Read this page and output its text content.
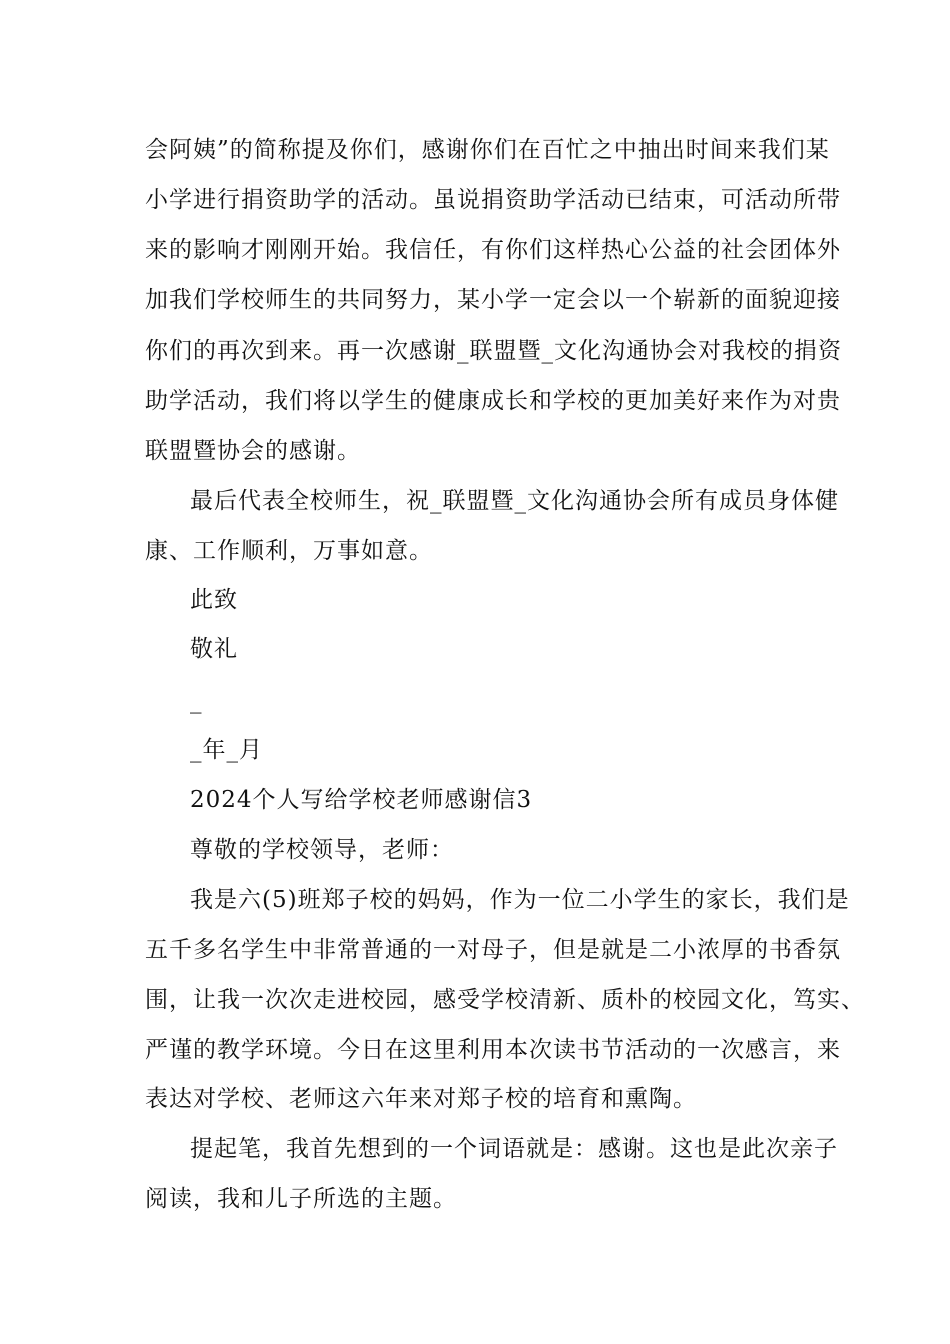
会阿姨”的简称提及你们，感谢你们在百忙之中抽出时间来我们某
小学进行捐资助学的活动。虽说捐资助学活动已结束，可活动所带
来的影响才刚刚开始。我信任，有你们这样热心公益的社会团体外
加我们学校师生的共同努力，某小学一定会以一个崭新的面貌迎接
你们的再次到来。再一次感谢_联盟暨_文化沟通协会对我校的捐资
助学活动，我们将以学生的健康成长和学校的更加美好来作为对贵
联盟暨协会的感谢。
最后代表全校师生，祝_联盟暨_文化沟通协会所有成员身体健
康、工作顺利，万事如意。
此致
敬礼
_
_年_月
2024个人写给学校老师感谢信3
尊敬的学校领导，老师：
我是六(5)班郑子校的妈妈，作为一位二小学生的家长，我们是
五千多名学生中非常普通的一对母子，但是就是二小浓厚的书香氛
围，让我一次次走进校园，感受学校清新、质朴的校园文化，笃实、
严谨的教学环境。今日在这里利用本次读书节活动的一次感言，来
表达对学校、老师这六年来对郑子校的培育和熏陶。
提起笔，我首先想到的一个词语就是：感谢。这也是此次亲子
阅读，我和儿子所选的主题。
